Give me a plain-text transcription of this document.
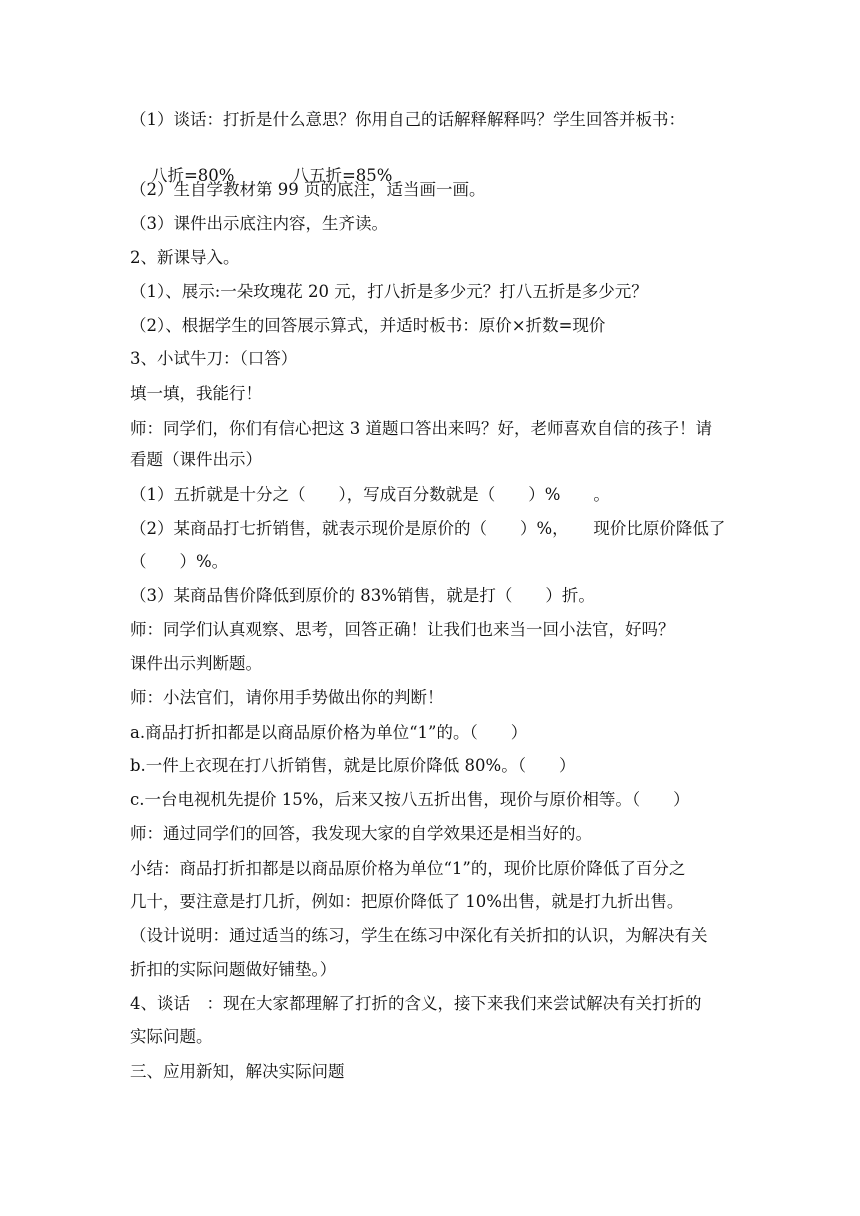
（1）谈话：打折是什么意思？你用自己的话解释解释吗？学生回答并板书：

八折=80%	八五折=85%

（2）生自学教材第 99 页的底注，适当画一画。
（3）课件出示底注内容，生齐读。
2、新课导入。
（1）、展示:一朵玫瑰花 20 元，打八折是多少元？打八五折是多少元？
（2）、根据学生的回答展示算式，并适时板书：原价×折数=现价
3、小试牛刀：（口答）
填一填，我能行！
师：同学们，你们有信心把这 3 道题口答出来吗？好，老师喜欢自信的孩子！请
看题（课件出示）
（1）五折就是十分之（　　），写成百分数就是（　　）%　　。
（2）某商品打七折销售，就表示现价是原价的（　　）%，　　现价比原价降低了
（　　）%。
（3）某商品售价降低到原价的 83%销售，就是打（　　）折。
师：同学们认真观察、思考，回答正确！让我们也来当一回小法官，好吗？
课件出示判断题。
师：小法官们，请你用手势做出你的判断！
a.商品打折扣都是以商品原价格为单位“1”的。（　　）
b.一件上衣现在打八折销售，就是比原价降低 80%。（　　）
c.一台电视机先提价 15%，后来又按八五折出售，现价与原价相等。（　　）
师：通过同学们的回答，我发现大家的自学效果还是相当好的。
小结：商品打折扣都是以商品原价格为单位“1”的，现价比原价降低了百分之
几十，要注意是打几折，例如：把原价降低了 10%出售，就是打九折出售。
（设计说明：通过适当的练习，学生在练习中深化有关折扣的认识，为解决有关
折扣的实际问题做好铺垫。）
4、谈话　：现在大家都理解了打折的含义，接下来我们来尝试解决有关打折的
实际问题。
三、应用新知，解决实际问题
